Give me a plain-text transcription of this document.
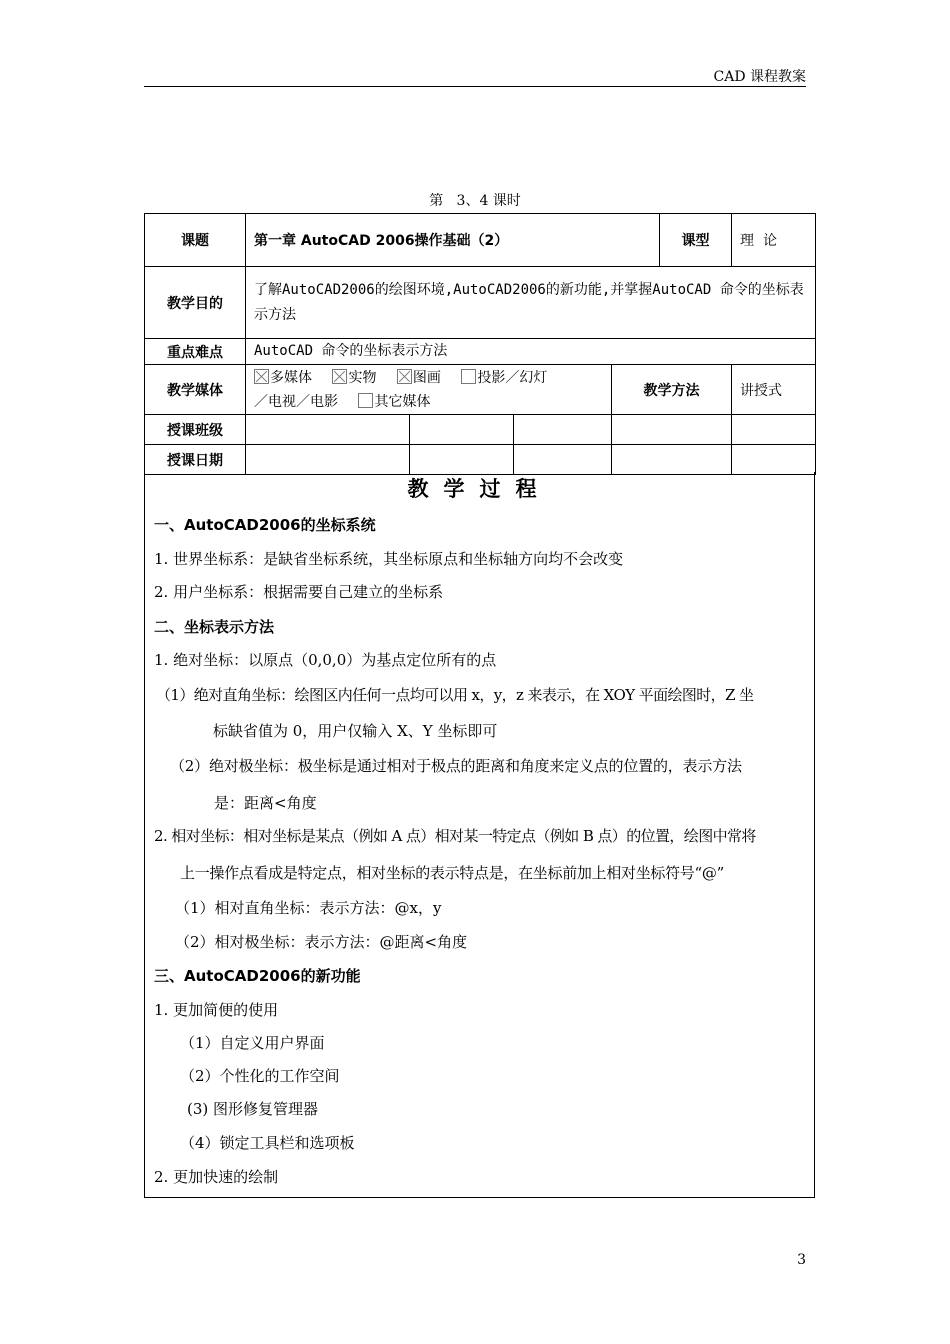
CAD 课程教案
第   3、4 课时
课题	第一章 AutoCAD 2006操作基础（2）				课型	理  论
教学目的	了解AutoCAD2006的绘图环境,AutoCAD2006的新功能,并掌握AutoCAD 命令的坐标表示方法					
重点难点	AutoCAD 命令的坐标表示方法					
教学媒体	多媒体 实物 图画 投影／幻灯
／电视／电影 其它媒体			教学方法		讲授式
授课班级						
授课日期						
教学过程
一、AutoCAD2006的坐标系统
1. 世界坐标系：是缺省坐标系统，其坐标原点和坐标轴方向均不会改变
2. 用户坐标系：根据需要自己建立的坐标系
二、坐标表示方法
1. 绝对坐标：以原点（0,0,0）为基点定位所有的点
（1）绝对直角坐标：绘图区内任何一点均可以用 x，y，z 来表示，在 XOY 平面绘图时，Z 坐
标缺省值为 0，用户仅输入 X、Y 坐标即可
（2）绝对极坐标：极坐标是通过相对于极点的距离和角度来定义点的位置的，表示方法
是：距离<角度
2. 相对坐标：相对坐标是某点（例如 A 点）相对某一特定点（例如 B 点）的位置，绘图中常将
上一操作点看成是特定点，相对坐标的表示特点是，在坐标前加上相对坐标符号“@”
（1）相对直角坐标：表示方法：@x，y
（2）相对极坐标：表示方法：@距离<角度
三、AutoCAD2006的新功能
1. 更加简便的使用
（1）自定义用户界面
（2）个性化的工作空间
(3) 图形修复管理器
（4）锁定工具栏和选项板
2. 更加快速的绘制
3
